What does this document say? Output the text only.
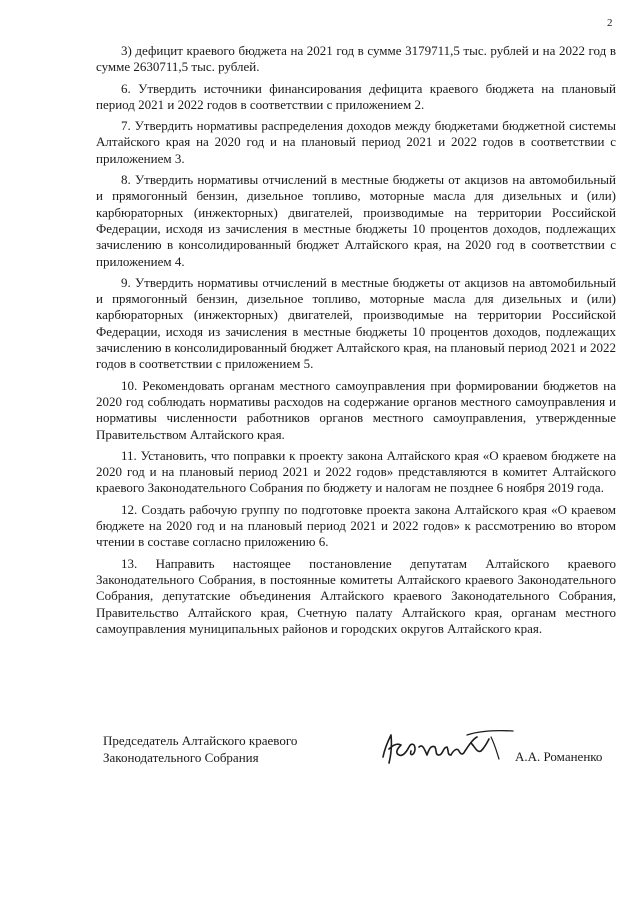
2

3) дефицит краевого бюджета на 2021 год в сумме 3179711,5 тыс. рублей и на 2022 год в сумме 2630711,5 тыс. рублей.

6. Утвердить источники финансирования дефицита краевого бюджета на плановый период 2021 и 2022 годов в соответствии с приложением 2.

7. Утвердить нормативы распределения доходов между бюджетами бюджетной системы Алтайского края на 2020 год и на плановый период 2021 и 2022 годов в соответствии с приложением 3.

8. Утвердить нормативы отчислений в местные бюджеты от акцизов на автомобильный и прямогонный бензин, дизельное топливо, моторные масла для дизельных и (или) карбюраторных (инжекторных) двигателей, производимые на территории Российской Федерации, исходя из зачисления в местные бюджеты 10 процентов доходов, подлежащих зачислению в консолидированный бюджет Алтайского края, на 2020 год в соответствии с приложением 4.

9. Утвердить нормативы отчислений в местные бюджеты от акцизов на автомобильный и прямогонный бензин, дизельное топливо, моторные масла для дизельных и (или) карбюраторных (инжекторных) двигателей, производимые на территории Российской Федерации, исходя из зачисления в местные бюджеты 10 процентов доходов, подлежащих зачислению в консолидированный бюджет Алтайского края, на плановый период 2021 и 2022 годов в соответствии с приложением 5.

10. Рекомендовать органам местного самоуправления при формировании бюджетов на 2020 год соблюдать нормативы расходов на содержание органов местного самоуправления и нормативы численности работников органов местного самоуправления, утвержденные Правительством Алтайского края.

11. Установить, что поправки к проекту закона Алтайского края «О краевом бюджете на 2020 год и на плановый период 2021 и 2022 годов» представляются в комитет Алтайского краевого Законодательного Собрания по бюджету и налогам не позднее 6 ноября 2019 года.

12. Создать рабочую группу по подготовке проекта закона Алтайского края «О краевом бюджете на 2020 год и на плановый период 2021 и 2022 годов» к рассмотрению во втором чтении в составе согласно приложению 6.

13. Направить настоящее постановление депутатам Алтайского краевого Законодательного Собрания, в постоянные комитеты Алтайского краевого Законодательного Собрания, депутатские объединения Алтайского краевого Законодательного Собрания, Правительство Алтайского края, Счетную палату Алтайского края, органам местного самоуправления муниципальных районов и городских округов Алтайского края.

Председатель Алтайского краевого
Законодательного Собрания	А.А. Романенко
